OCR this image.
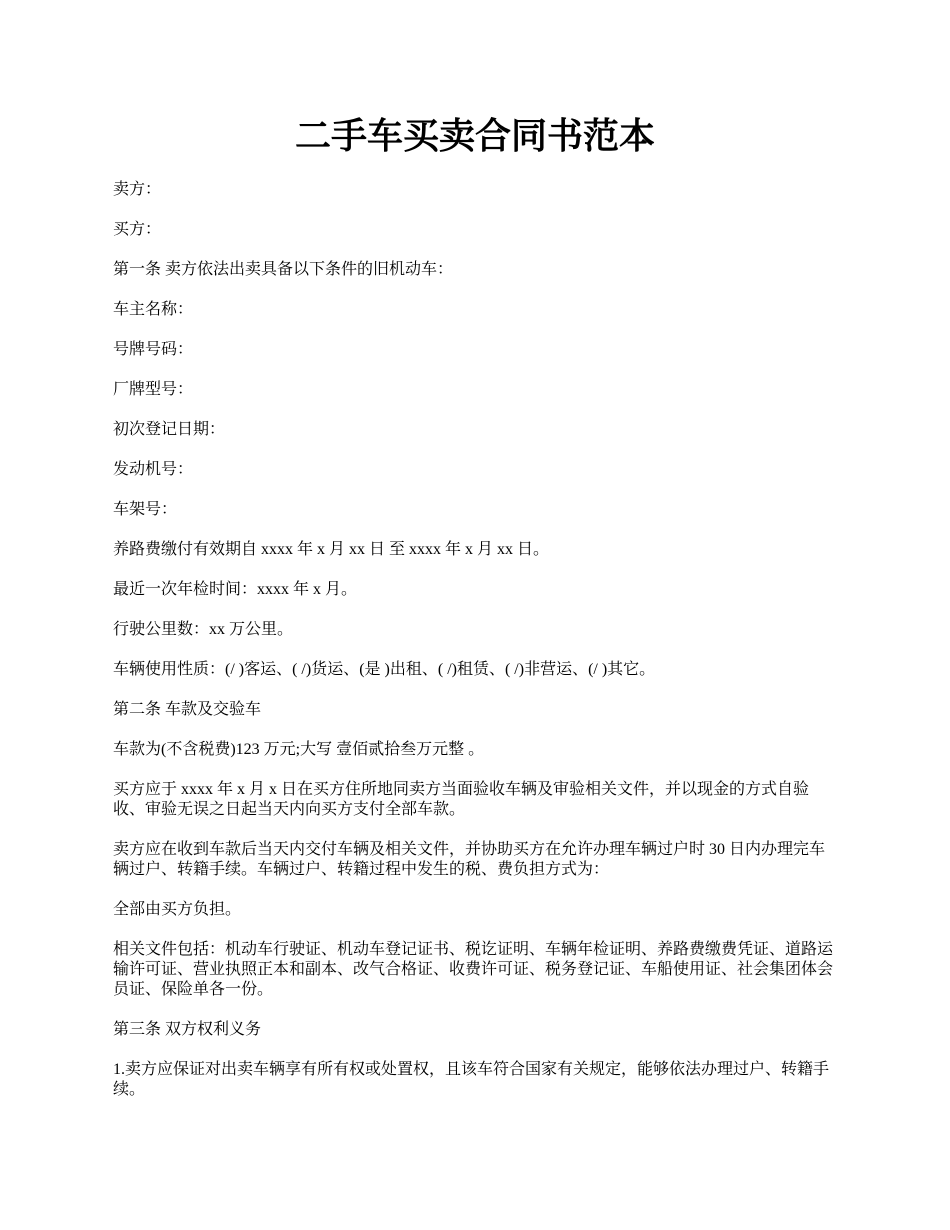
二手车买卖合同书范本

卖方：

买方：

第一条 卖方依法出卖具备以下条件的旧机动车：

车主名称：

号牌号码：

厂牌型号：

初次登记日期：

发动机号：

车架号：

养路费缴付有效期自 xxxx 年 x 月 xx 日 至 xxxx 年 x 月 xx 日。

最近一次年检时间：xxxx 年 x 月。

行驶公里数：xx 万公里。

车辆使用性质：(/ )客运、( /)货运、(是 )出租、( /)租赁、( /)非营运、(/ )其它。

第二条 车款及交验车

车款为(不含税费)123 万元;大写 壹佰贰拾叁万元整 。

买方应于 xxxx 年 x 月 x 日在买方住所地同卖方当面验收车辆及审验相关文件，并以现金的方式自验收、审验无误之日起当天内向买方支付全部车款。

卖方应在收到车款后当天内交付车辆及相关文件，并协助买方在允许办理车辆过户时 30 日内办理完车辆过户、转籍手续。车辆过户、转籍过程中发生的税、费负担方式为：

全部由买方负担。

相关文件包括：机动车行驶证、机动车登记证书、税讫证明、车辆年检证明、养路费缴费凭证、道路运输许可证、营业执照正本和副本、改气合格证、收费许可证、税务登记证、车船使用证、社会集团体会员证、保险单各一份。

第三条 双方权利义务

1.卖方应保证对出卖车辆享有所有权或处置权，且该车符合国家有关规定，能够依法办理过户、转籍手续。
